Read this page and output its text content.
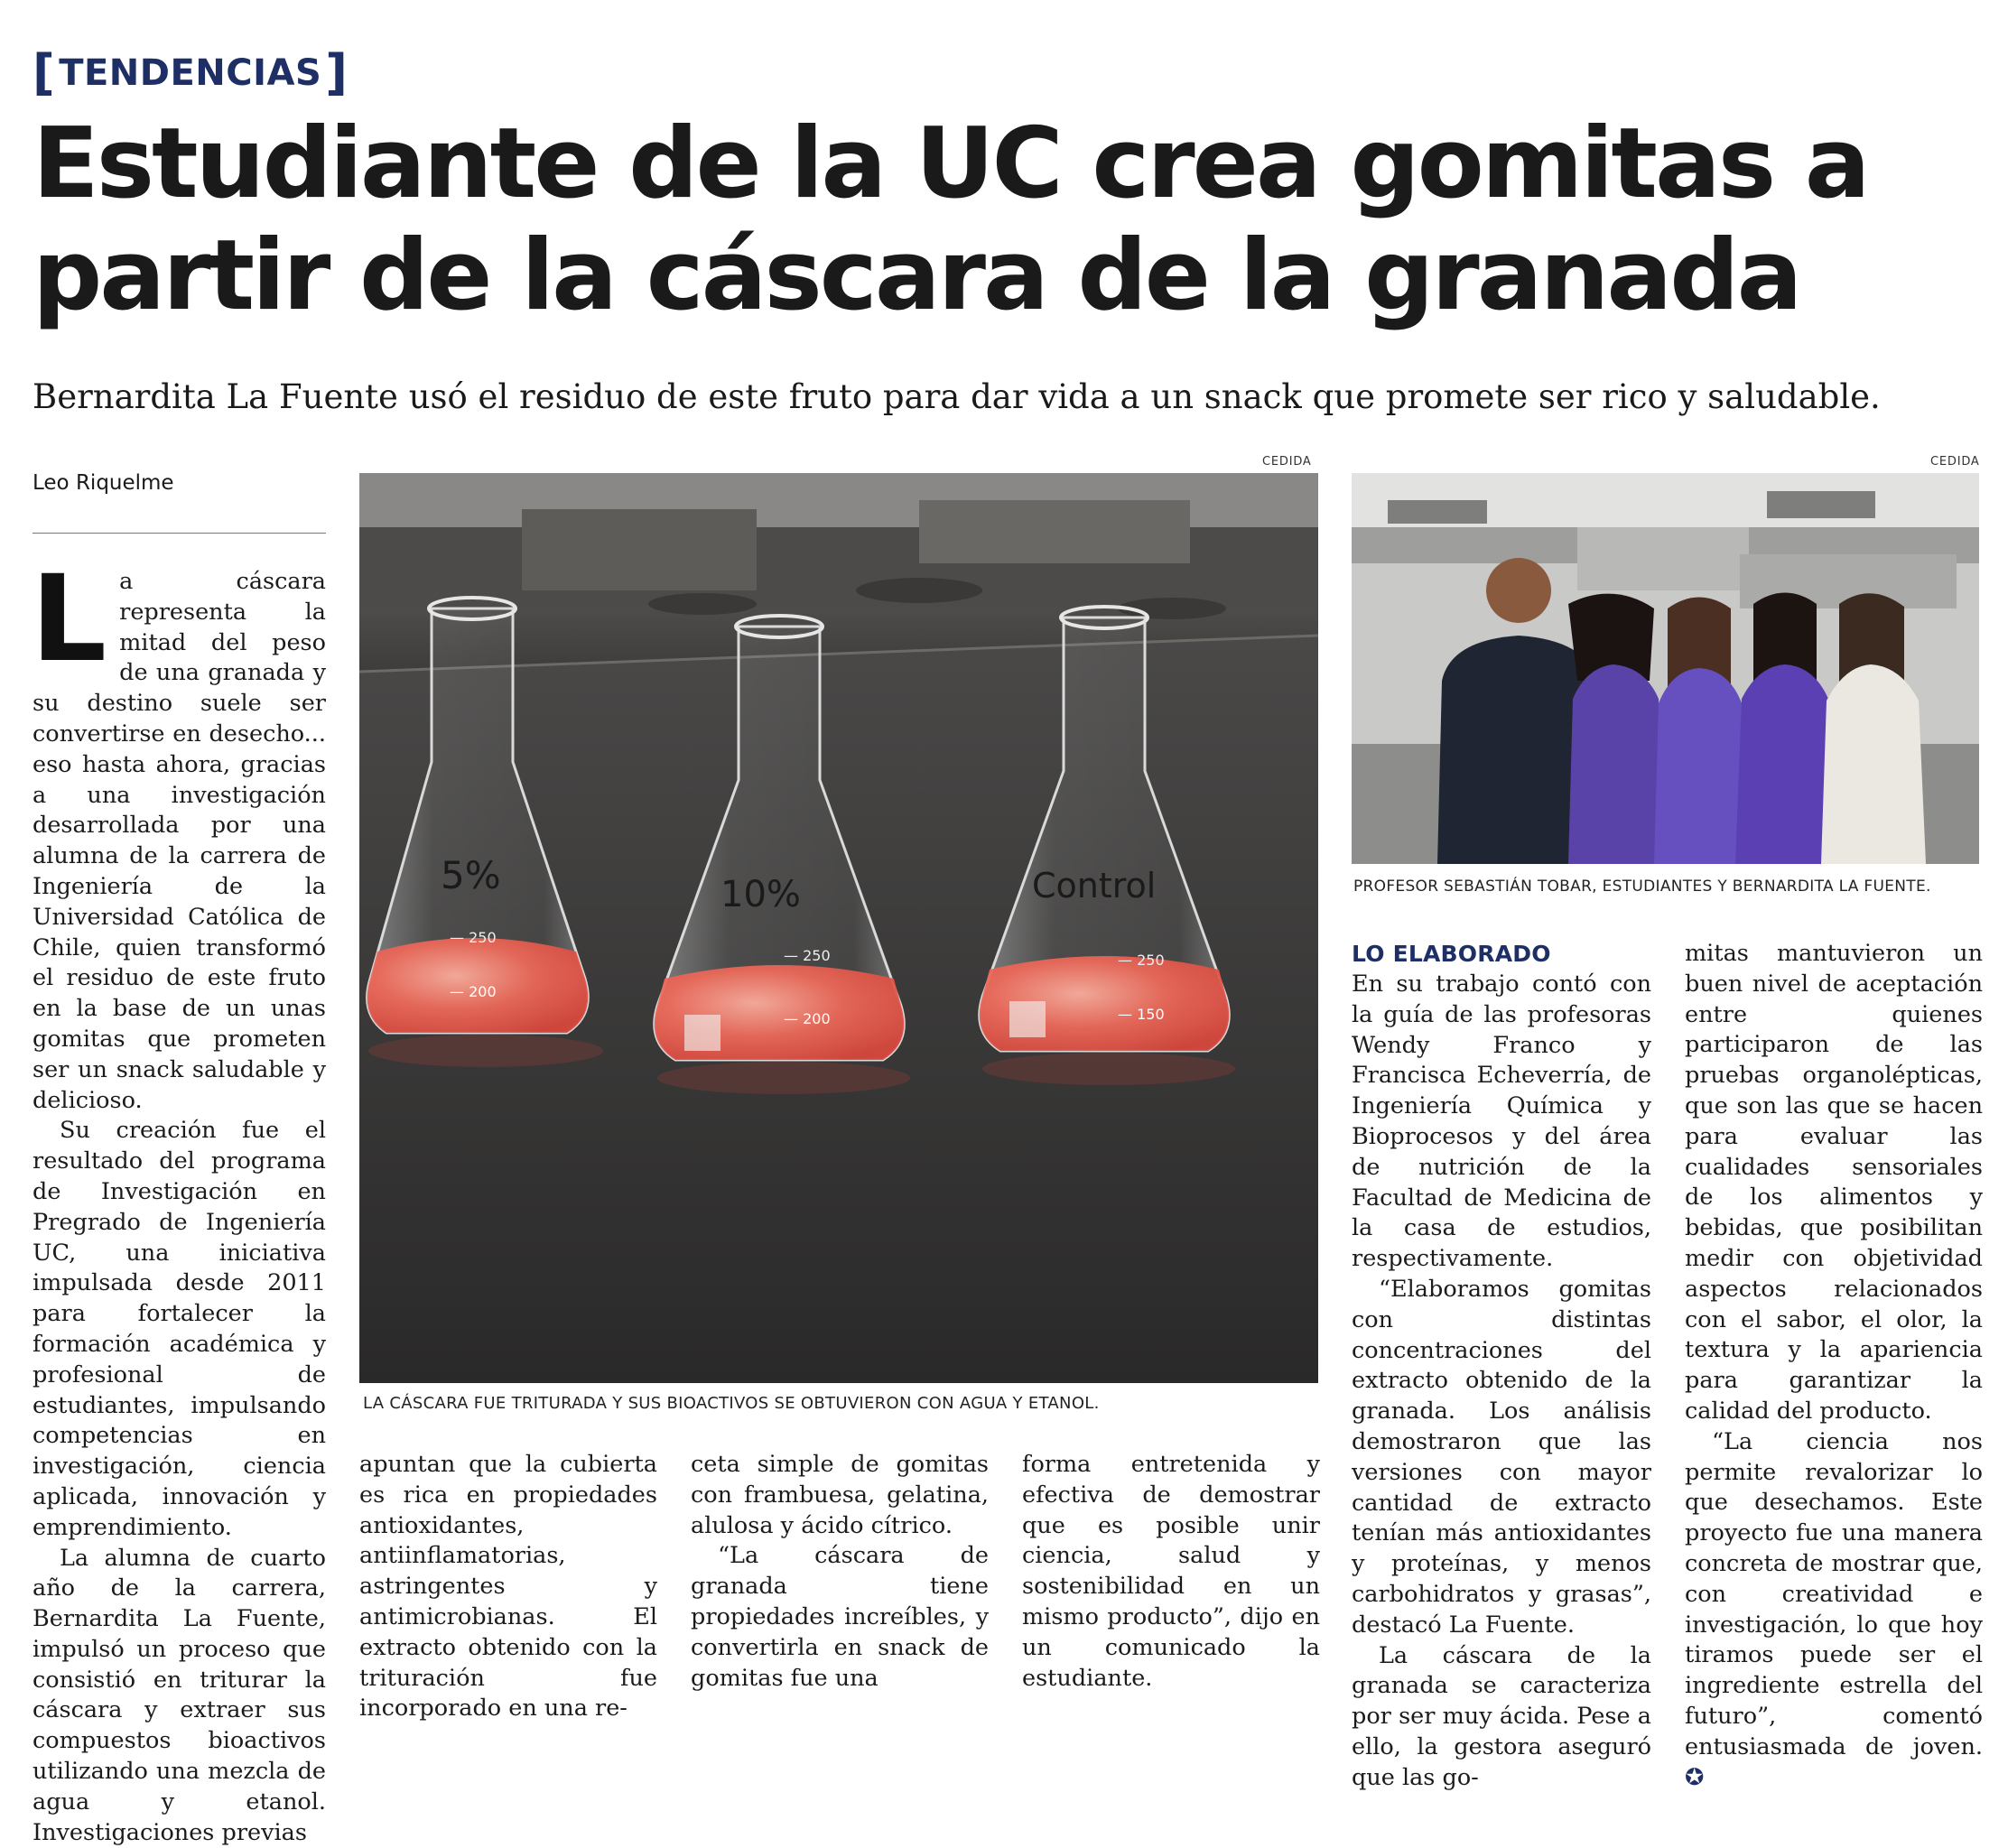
[ TENDENCIAS ]
Estudiante de la UC crea gomitas a partir de la cáscara de la granada

Bernardita La Fuente usó el residuo de este fruto para dar vida a un snack que promete ser rico y saludable.

Leo Riquelme

La cáscara representa la mitad del peso de una granada y su destino suele ser convertirse en desecho... eso hasta ahora, gracias a una investigación desarrollada por una alumna de la carrera de Ingeniería de la Universidad Católica de Chile, quien transformó el residuo de este fruto en la base de un unas gomitas que prometen ser un snack saludable y delicioso.

Su creación fue el resultado del programa de Investigación en Pregrado de Ingeniería UC, una iniciativa impulsada desde 2011 para fortalecer la formación académica y profesional de estudiantes, impulsando competencias en investigación, ciencia aplicada, innovación y emprendimiento.

La alumna de cuarto año de la carrera, Bernardita La Fuente, impulsó un proceso que consistió en triturar la cáscara y extraer sus compuestos bioactivos utilizando una mezcla de agua y etanol. Investigaciones previas

CEDIDA
5%
— 250
— 200
10%
— 250
— 200
Control
— 250
— 150
LA CÁSCARA FUE TRITURADA Y SUS BIOACTIVOS SE OBTUVIERON CON AGUA Y ETANOL.
CEDIDA
PROFESOR SEBASTIÁN TOBAR, ESTUDIANTES Y BERNARDITA LA FUENTE.

apuntan que la cubierta es rica en propiedades antioxidantes, antiinflamatorias, astringentes y antimicrobianas. El extracto obtenido con la trituración fue incorporado en una re-

ceta simple de gomitas con frambuesa, gelatina, alulosa y ácido cítrico.

“La cáscara de granada tiene propiedades increíbles, y convertirla en snack de gomitas fue una

forma entretenida y efectiva de demostrar que es posible unir ciencia, salud y sostenibilidad en un mismo producto”, dijo en un comunicado la estudiante.

LO ELABORADO

En su trabajo contó con la guía de las profesoras Wendy Franco y Francisca Echeverría, de Ingeniería Química y Bioprocesos y del área de nutrición de la Facultad de Medicina de la casa de estudios, respectivamente.

“Elaboramos gomitas con distintas concentraciones del extracto obtenido de la granada. Los análisis demostraron que las versiones con mayor cantidad de extracto tenían más antioxidantes y proteínas, y menos carbohidratos y grasas”, destacó La Fuente.

La cáscara de la granada se caracteriza por ser muy ácida. Pese a ello, la gestora aseguró que las go-

mitas mantuvieron un buen nivel de aceptación entre quienes participaron de las pruebas organolépticas, que son las que se hacen para evaluar las cualidades sensoriales de los alimentos y bebidas, que posibilitan medir con objetividad aspectos relacionados con el sabor, el olor, la textura y la apariencia para garantizar la calidad del producto.

“La ciencia nos permite revalorizar lo que desechamos. Este proyecto fue una manera concreta de mostrar que, con creatividad e investigación, lo que hoy tiramos puede ser el ingrediente estrella del futuro”, comentó entusiasmada de joven. ✪
